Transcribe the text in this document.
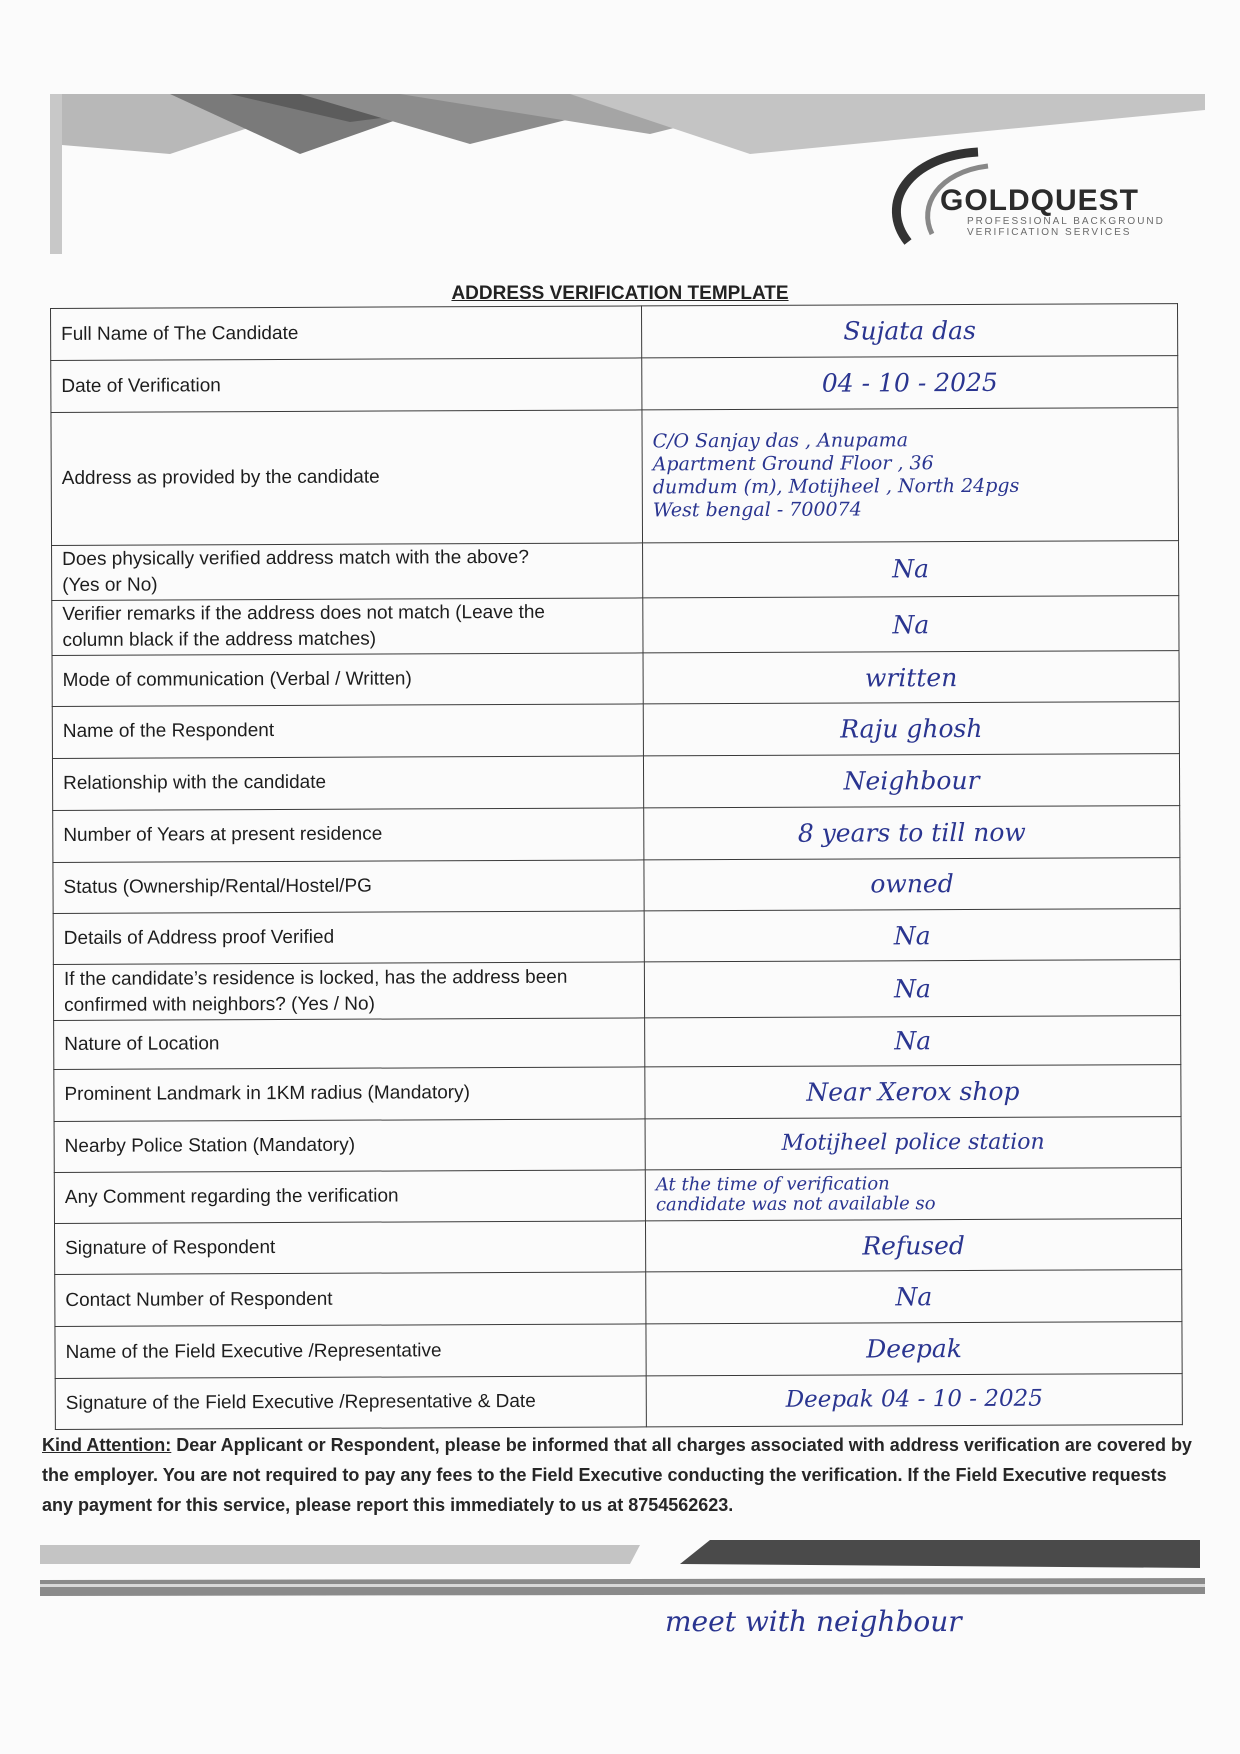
GOLDQUEST
PROFESSIONAL BACKGROUND
VERIFICATION SERVICES
ADDRESS VERIFICATION TEMPLATE
Full Name of The Candidate	Sujata das
Date of Verification	04 - 10 - 2025
Address as provided by the candidate	C/O Sanjay das , Anupama
Apartment Ground Floor , 36
dumdum (m), Motijheel , North 24pgs
West bengal - 700074

Does physically verified address match with the above?
(Yes or No)	Na

Verifier remarks if the address does not match (Leave the
column black if the address matches)	Na
Mode of communication (Verbal / Written)	written
Name of the Respondent	Raju ghosh
Relationship with the candidate	Neighbour
Number of Years at present residence	8 years to till now
Status (Ownership/Rental/Hostel/PG	owned
Details of Address proof Verified	Na

If the candidate’s residence is locked, has the address been
confirmed with neighbors? (Yes / No)	Na
Nature of Location	Na
Prominent Landmark in 1KM radius (Mandatory)	Near Xerox shop
Nearby Police Station (Mandatory)	Motijheel police station
Any Comment regarding the verification	At the time of verification
candidate was not available so

Signature of Respondent	Refused
Contact Number of Respondent	Na
Name of the Field Executive /Representative	Deepak
Signature of the Field Executive /Representative & Date	Deepak 04 - 10 - 2025
Kind Attention: Dear Applicant or Respondent, please be informed that all charges associated with address verification are covered by the employer. You are not required to pay any fees to the Field Executive conducting the verification. If the Field Executive requests any payment for this service, please report this immediately to us at 8754562623.
meet with neighbour
